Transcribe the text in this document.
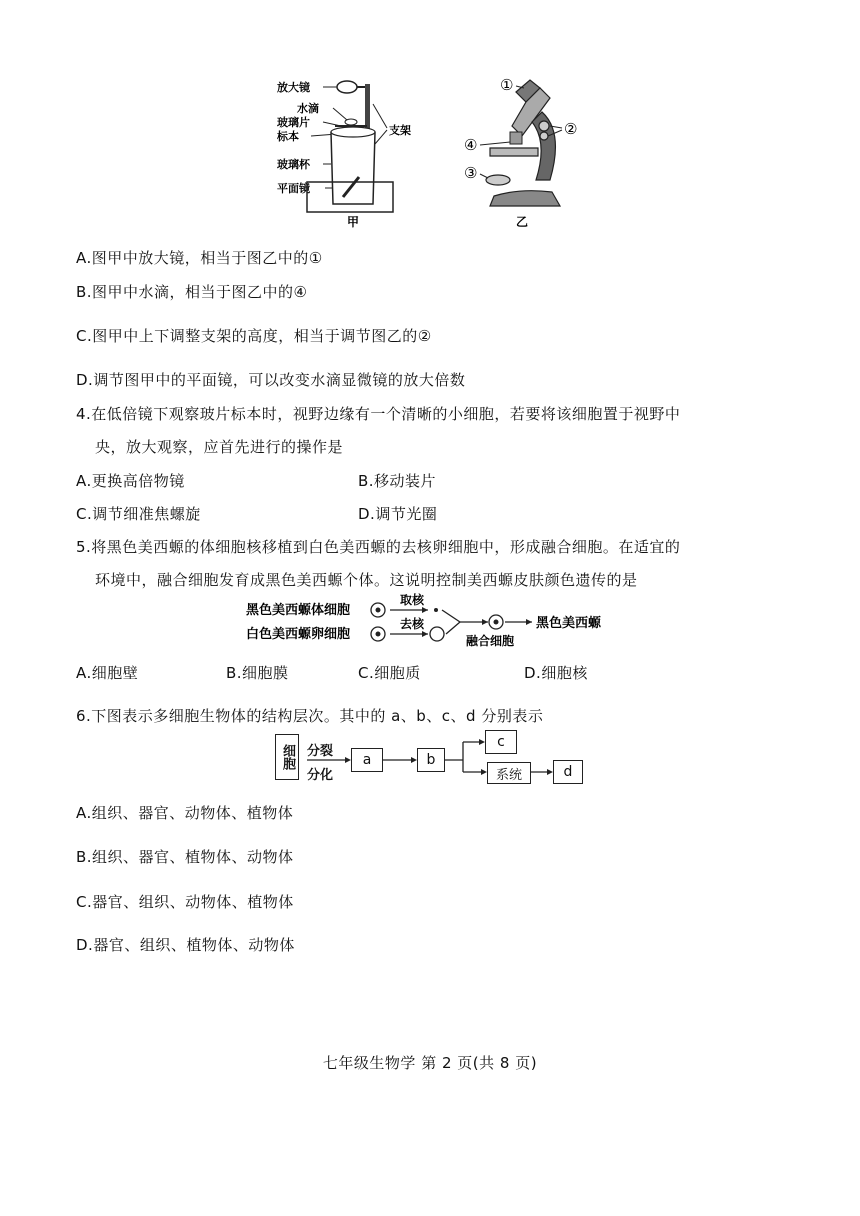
放大镜
水滴
玻璃片
标本
玻璃杯
平面镜
支架
甲
①
②
④
③
乙
A.图甲中放大镜，相当于图乙中的①
B.图甲中水滴，相当于图乙中的④
C.图甲中上下调整支架的高度，相当于调节图乙的②
D.调节图甲中的平面镜，可以改变水滴显微镜的放大倍数
4.在低倍镜下观察玻片标本时，视野边缘有一个清晰的小细胞，若要将该细胞置于视野中
央，放大观察，应首先进行的操作是
A.更换高倍物镜	B.移动装片
C.调节细准焦螺旋	D.调节光圈
5.将黑色美西螈的体细胞核移植到白色美西螈的去核卵细胞中，形成融合细胞。在适宜的
环境中，融合细胞发育成黑色美西螈个体。这说明控制美西螈皮肤颜色遗传的是
黑色美西螈体细胞
白色美西螈卵细胞
取核
去核	黑色美西螈
融合细胞
A.细胞壁	B.细胞膜	C.细胞质	D.细胞核
6.下图表示多细胞生物体的结构层次。其中的 a、b、c、d 分别表示
细胞 分裂
分化
a	b
c
系统	d
A.组织、器官、动物体、植物体
B.组织、器官、植物体、动物体
C.器官、组织、动物体、植物体
D.器官、组织、植物体、动物体
七年级生物学 第 2 页(共 8 页)
